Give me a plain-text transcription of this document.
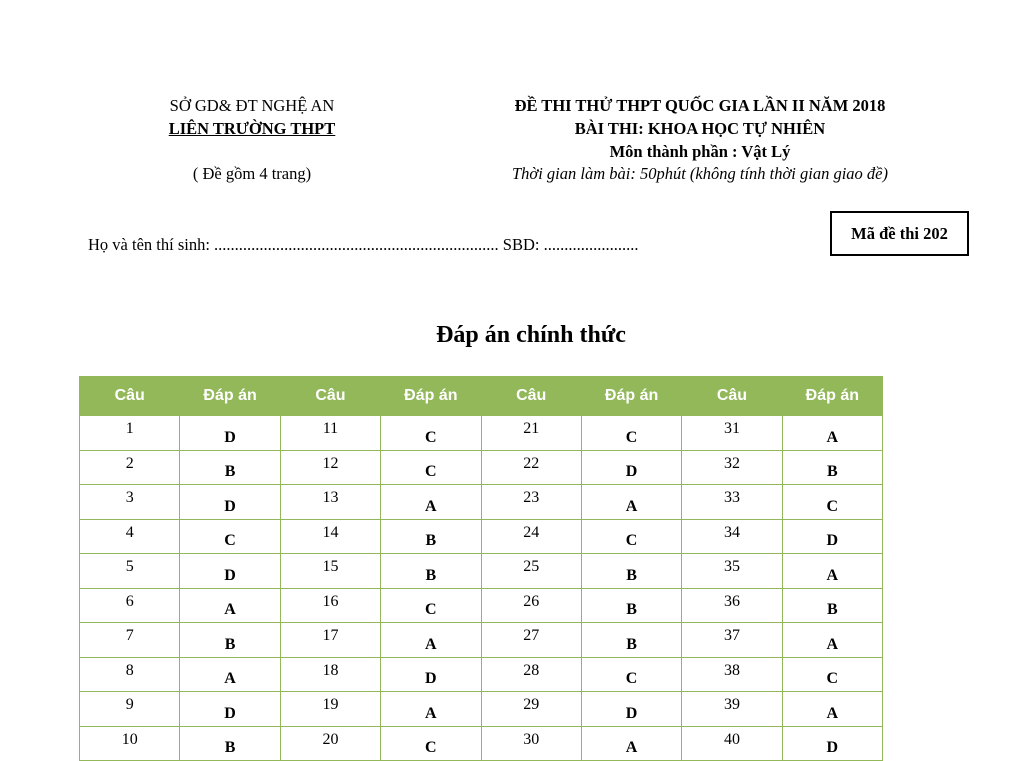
SỞ GD& ĐT NGHỆ AN
LIÊN TRƯỜNG THPT
( Đề gồm 4 trang)
ĐỀ THI THỬ THPT QUỐC GIA LẦN II NĂM 2018
BÀI THI: KHOA HỌC TỰ NHIÊN
Môn thành phần : Vật Lý
Thời gian làm bài: 50phút (không tính thời gian giao đề)
Họ và tên thí sinh: ..................................................................... SBD: .......................
Mã đề thi 202
Đáp án chính thức
Câu	Đáp án	Câu	Đáp án	Câu	Đáp án	Câu	Đáp án
1	D	11	C	21	C	31	A
2	B	12	C	22	D	32	B
3	D	13	A	23	A	33	C
4	C	14	B	24	C	34	D
5	D	15	B	25	B	35	A
6	A	16	C	26	B	36	B
7	B	17	A	27	B	37	A
8	A	18	D	28	C	38	C
9	D	19	A	29	D	39	A
10	B	20	C	30	A	40	D
